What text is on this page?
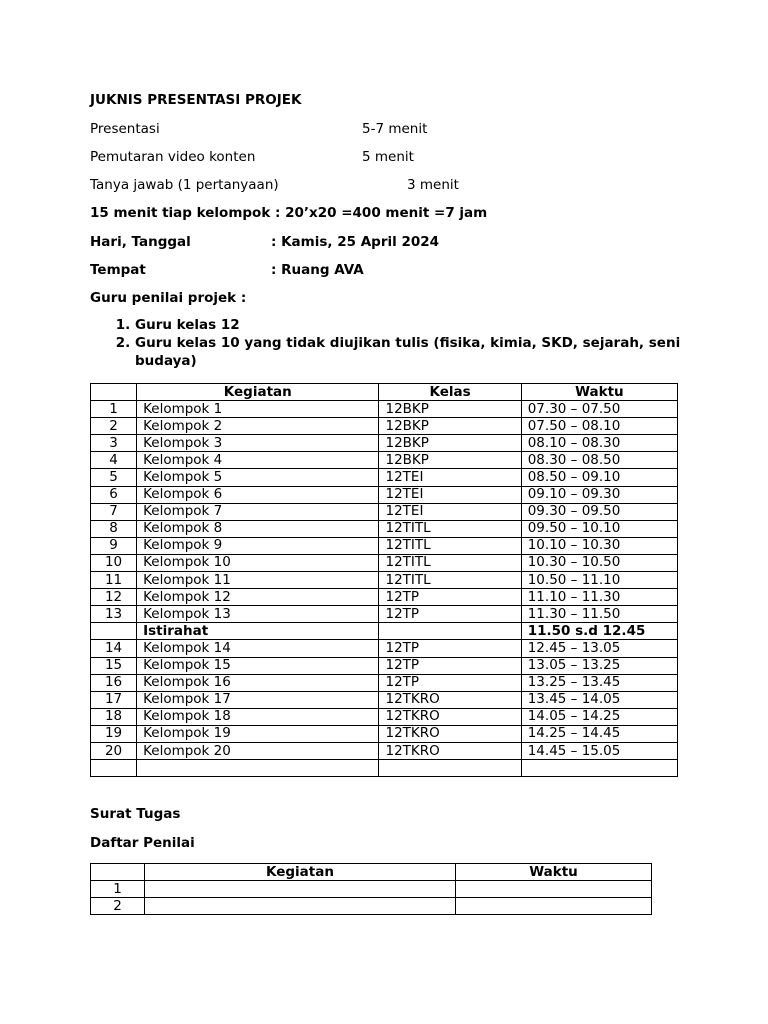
JUKNIS PRESENTASI PROJEK
Presentasi	5-7 menit
Pemutaran video konten	5 menit
Tanya jawab (1 pertanyaan)	3 menit
15 menit tiap kelompok : 20’x20 =400 menit =7 jam
Hari, Tanggal	: Kamis, 25 April 2024
Tempat	: Ruang AVA
Guru penilai projek :
1. Guru kelas 12
2. Guru kelas 10 yang tidak diujikan tulis (fisika, kimia, SKD, sejarah, seni budaya)
	Kegiatan	Kelas	Waktu
1	Kelompok 1	12BKP	07.30 – 07.50
2	Kelompok 2	12BKP	07.50 – 08.10
3	Kelompok 3	12BKP	08.10 – 08.30
4	Kelompok 4	12BKP	08.30 – 08.50
5	Kelompok 5	12TEI	08.50 – 09.10
6	Kelompok 6	12TEI	09.10 – 09.30
7	Kelompok 7	12TEI	09.30 – 09.50
8	Kelompok 8	12TITL	09.50 – 10.10
9	Kelompok 9	12TITL	10.10 – 10.30
10	Kelompok 10	12TITL	10.30 – 10.50
11	Kelompok 11	12TITL	10.50 – 11.10
12	Kelompok 12	12TP	11.10 – 11.30
13	Kelompok 13	12TP	11.30 – 11.50
	Istirahat		11.50 s.d 12.45
14	Kelompok 14	12TP	12.45 – 13.05
15	Kelompok 15	12TP	13.05 – 13.25
16	Kelompok 16	12TP	13.25 – 13.45
17	Kelompok 17	12TKRO	13.45 – 14.05
18	Kelompok 18	12TKRO	14.05 – 14.25
19	Kelompok 19	12TKRO	14.25 – 14.45
20	Kelompok 20	12TKRO	14.45 – 15.05

Surat Tugas
Daftar Penilai
	Kegiatan	Waktu
1		
2		
